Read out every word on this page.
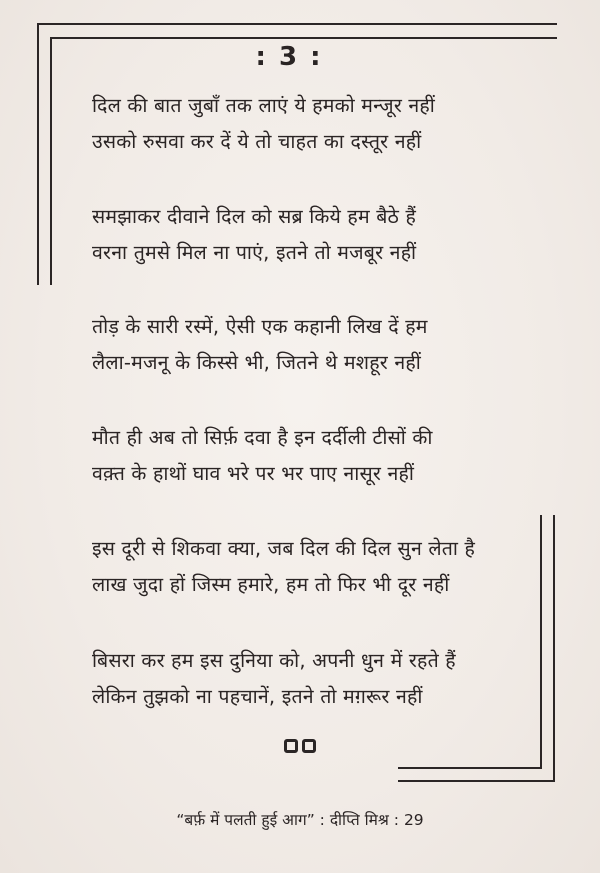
: 3 :
दिल की बात जुबाँ तक लाएं ये हमको मन्जूर नहीं
उसको रुसवा कर दें ये तो चाहत का दस्तूर नहीं
समझाकर दीवाने दिल को सब्र किये हम बैठे हैं
वरना तुमसे मिल ना पाएं, इतने तो मजबूर नहीं
तोड़ के सारी रस्में, ऐसी एक कहानी लिख दें हम
लैला-मजनू के किस्से भी, जितने थे मशहूर नहीं
मौत ही अब तो सिर्फ़ दवा है इन दर्दीली टीसों की
वक़्त के हाथों घाव भरे पर भर पाए नासूर नहीं
इस दूरी से शिकवा क्या, जब दिल की दिल सुन लेता है
लाख जुदा हों जिस्म हमारे, हम तो फिर भी दूर नहीं
बिसरा कर हम इस दुनिया को, अपनी धुन में रहते हैं
लेकिन तुझको ना पहचानें, इतने तो मग़रूर नहीं
“बर्फ़ में पलती हुई आग” : दीप्ति मिश्र : 29
